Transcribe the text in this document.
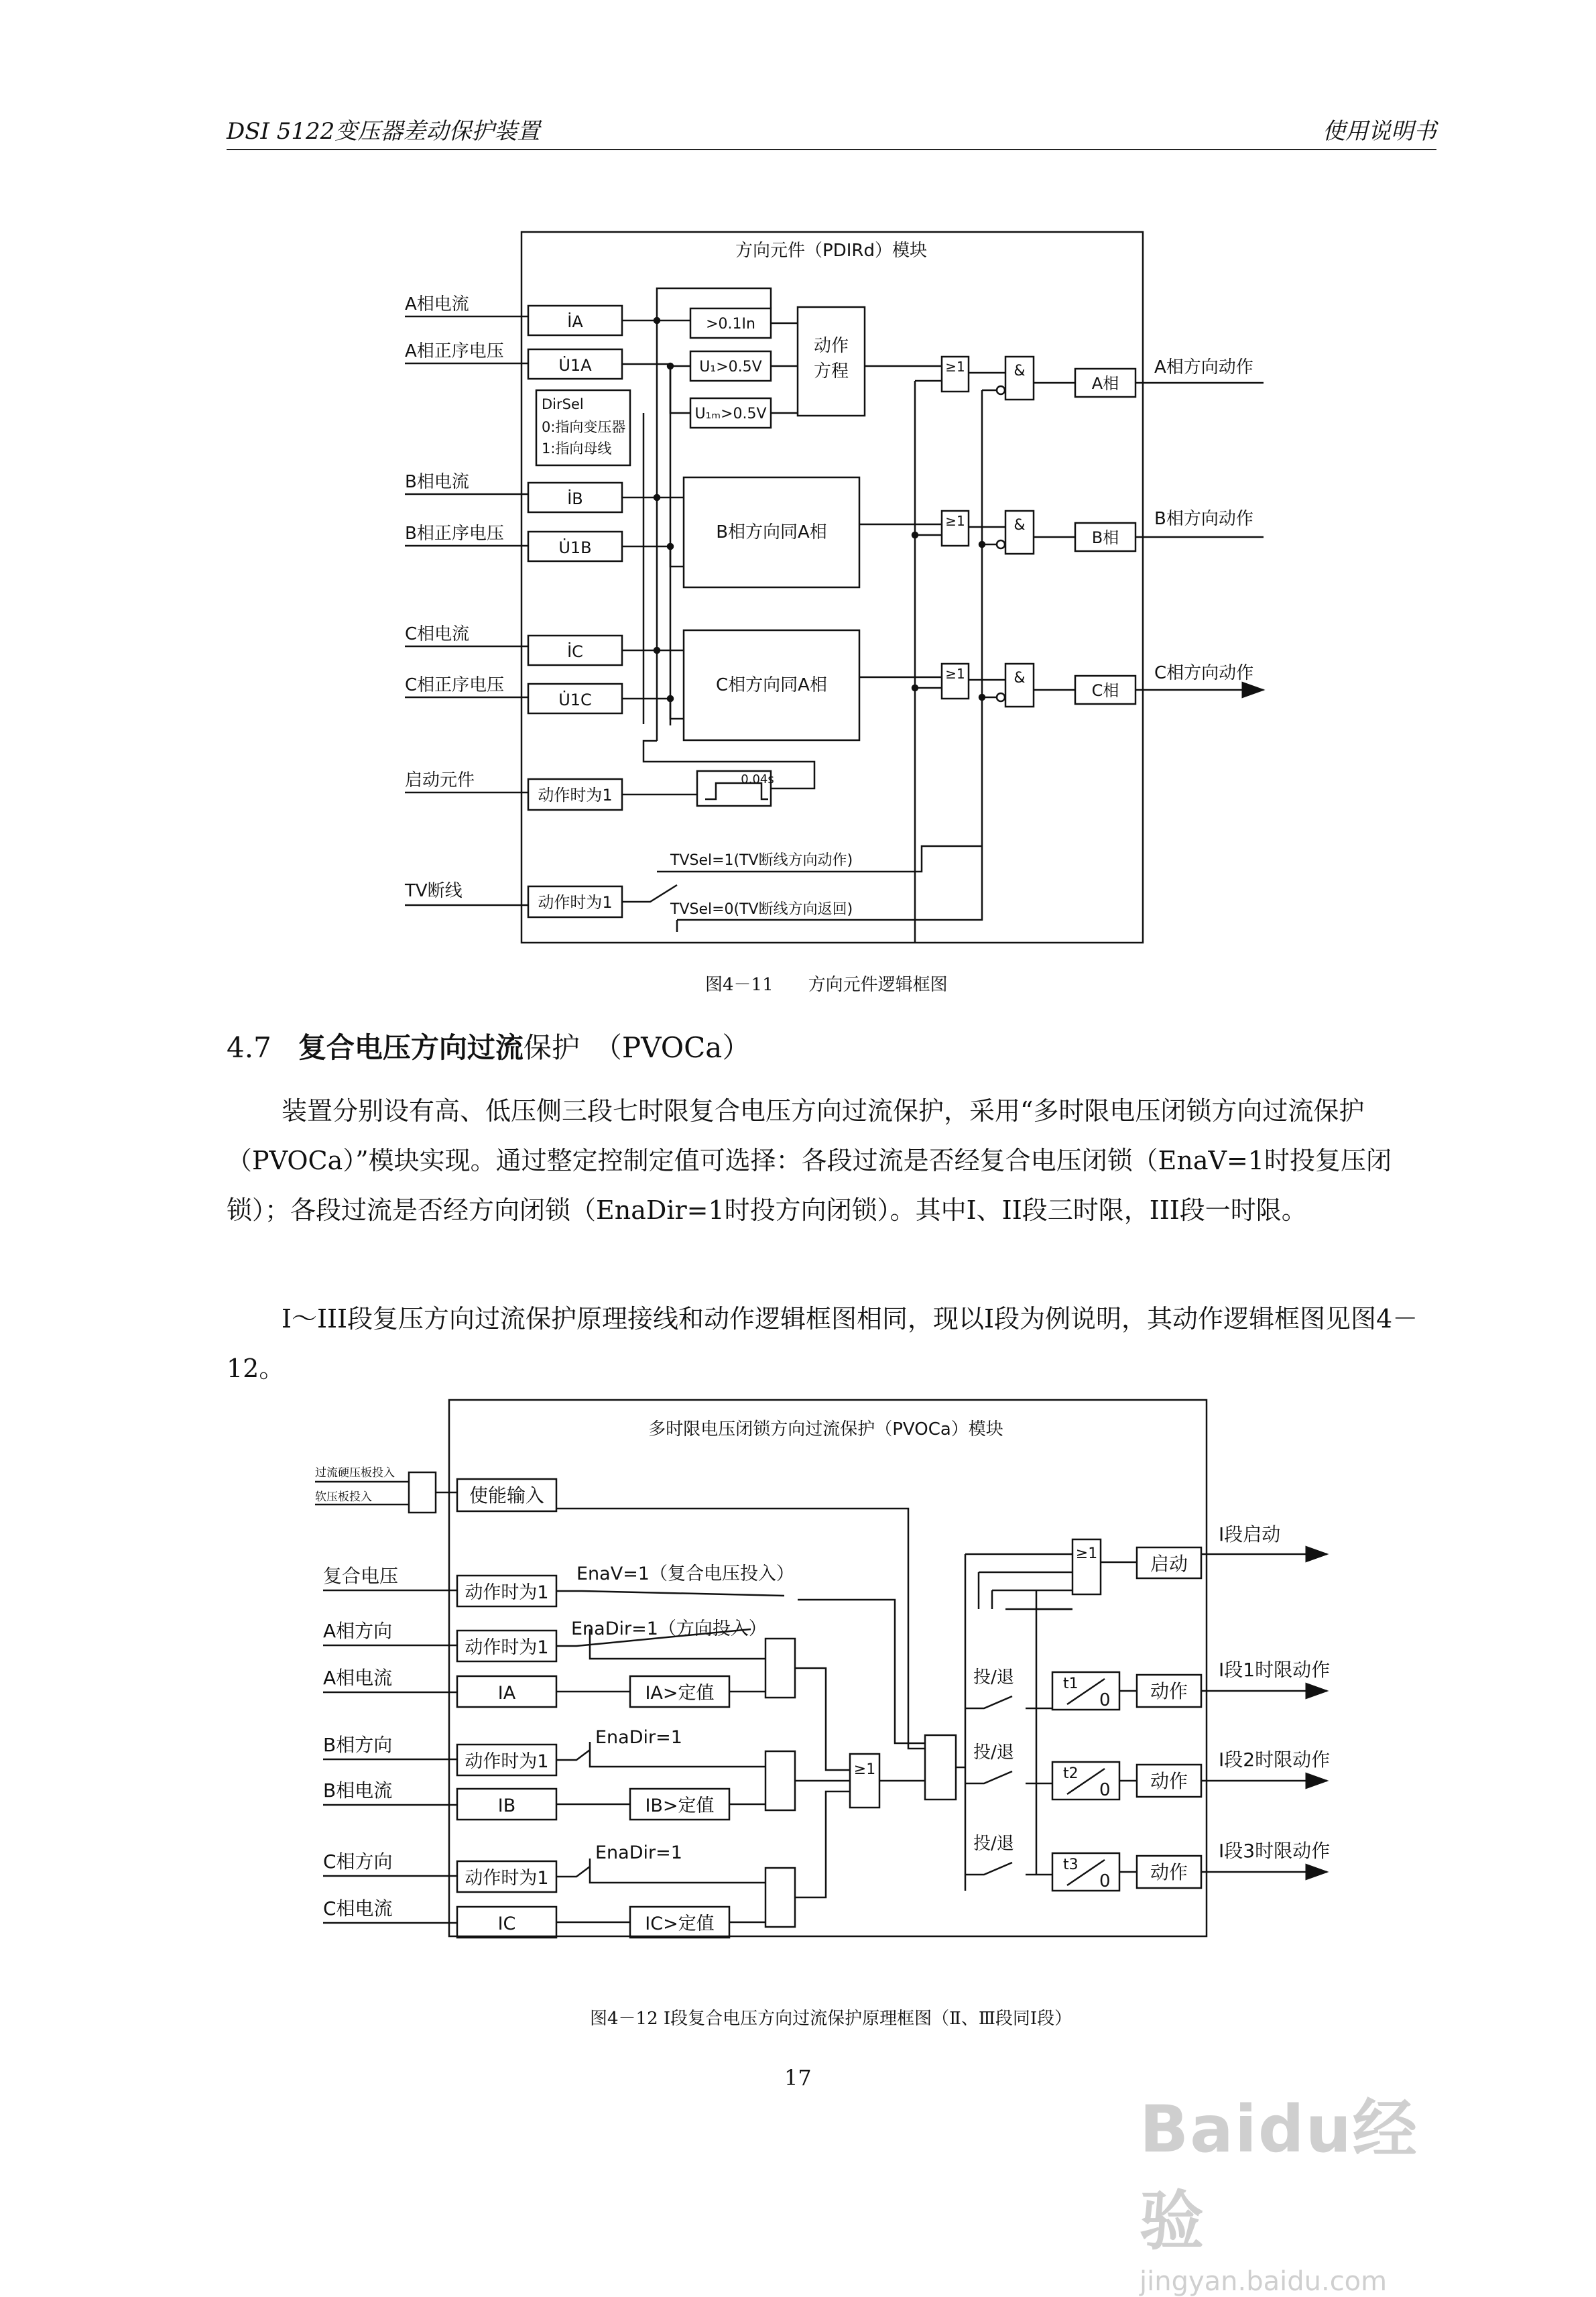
DSI 5122变压器差动保护装置	使用说明书
方向元件（PDIRd）模块
A相电流
A相正序电压
B相电流
B相正序电压
C相电流
C相正序电压
启动元件
TV断线
İA
U̇1A
İB
U̇1B
İC
U̇1C
DirSel
0:指向变压器
1:指向母线
>0.1In
U₁>0.5V
U₁ₘ>0.5V
动作
方程
B相方向同A相
C相方向同A相
≥1
≥1
≥1
&
&
&
A相
B相
C相
A相方向动作
B相方向动作
C相方向动作
动作时为1
0.04s
动作时为1
TVSel=1(TV断线方向动作)
TVSel=0(TV断线方向返回)
多时限电压闭锁方向过流保护（PVOCa）模块
过流硬压板投入
软压板投入	使能输入
复合电压
A相方向
A相电流
B相方向
B相电流
C相方向
C相电流
动作时为1
动作时为1
IA
动作时为1
IB
动作时为1
IC
EnaV=1（复合电压投入）
EnaDir=1（方向投入）
EnaDir=1
EnaDir=1
IA>定值
IB>定值
IC>定值
≥1
≥1	启动
Ⅰ段启动
投/退	t1
0 动作
Ⅰ段1时限动作
投/退
t2
0 动作
Ⅰ段2时限动作
投/退
t3
0 动作
Ⅰ段3时限动作
图4－11　　方向元件逻辑框图
4.7 复合电压方向过流保护　（PVOCa）
装置分别设有高、低压侧三段七时限复合电压方向过流保护，采用“多时限电压闭锁方向过流保护（PVOCa）”模块实现。通过整定控制定值可选择：各段过流是否经复合电压闭锁（EnaV=1时投复压闭锁）；各段过流是否经方向闭锁（EnaDir=1时投方向闭锁）。其中I、II段三时限，III段一时限。
Ⅰ～III段复压方向过流保护原理接线和动作逻辑框图相同，现以Ⅰ段为例说明，其动作逻辑框图见图4－12。
图4－12 Ⅰ段复合电压方向过流保护原理框图（Ⅱ、Ⅲ段同Ⅰ段）
17
Baidu经验
jingyan.baidu.com
